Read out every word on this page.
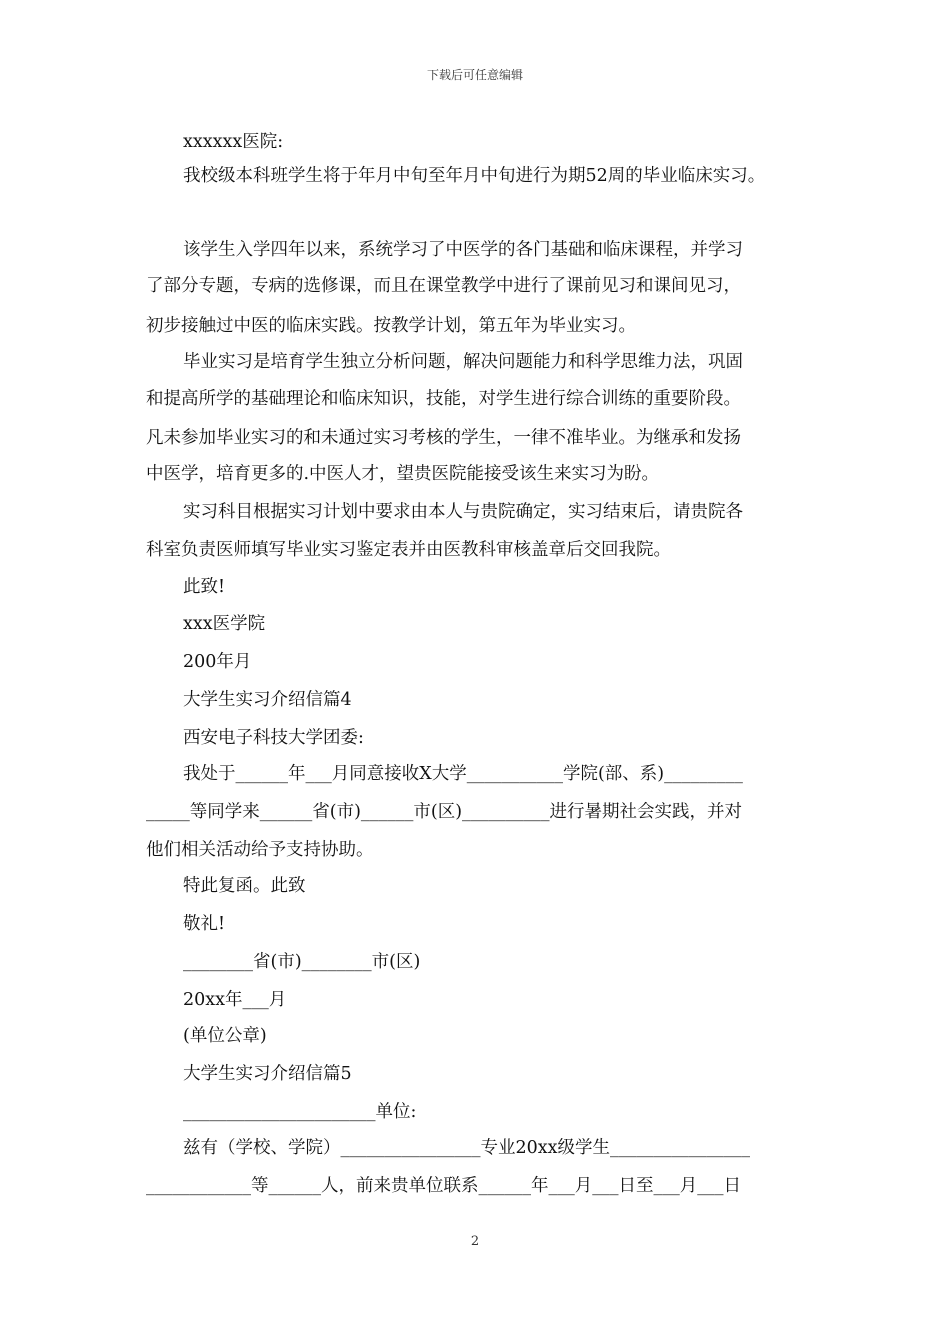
下载后可任意编辑
xxxxxx医院:
我校级本科班学生将于年月中旬至年月中旬进行为期52周的毕业临床实习。
该学生入学四年以来，系统学习了中医学的各门基础和临床课程，并学习
了部分专题，专病的选修课，而且在课堂教学中进行了课前见习和课间见习，
初步接触过中医的临床实践。按教学计划，第五年为毕业实习。
毕业实习是培育学生独立分析问题，解决问题能力和科学思维力法，巩固
和提高所学的基础理论和临床知识，技能，对学生进行综合训练的重要阶段。
凡未参加毕业实习的和未通过实习考核的学生，一律不准毕业。为继承和发扬
中医学，培育更多的.中医人才，望贵医院能接受该生来实习为盼。
实习科目根据实习计划中要求由本人与贵院确定，实习结束后，请贵院各
科室负责医师填写毕业实习鉴定表并由医教科审核盖章后交回我院。
此致!
xxx医学院
200年月
大学生实习介绍信篇4
西安电子科技大学团委:
我处于______年___月同意接收X大学___________学院(部、系)_________
_____等同学来______省(市)______市(区)__________进行暑期社会实践，并对
他们相关活动给予支持协助。
特此复函。此致
敬礼!
________省(市)________市(区)
20xx年___月
(单位公章)
大学生实习介绍信篇5
______________________单位:
兹有（学校、学院）________________专业20xx级学生________________
____________等______人，前来贵单位联系______年___月___日至___月___日
2
